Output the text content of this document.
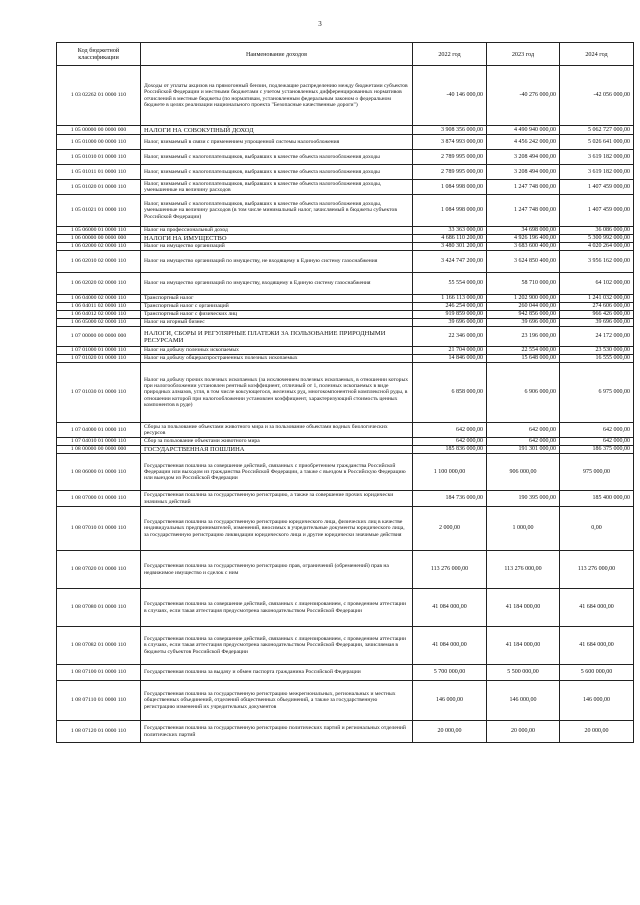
3
Код бюджетной классификации	Наименование доходов	2022 год	2023 год	2024 год
1 03 02262 01 0000 110	Доходы от уплаты акцизов на прямогонный бензин, подлежащие распределению между бюджетами субъектов Российской Федерации и местными бюджетами с учетом установленных дифференцированных нормативов отчислений в местные бюджеты (по нормативам, установленным федеральным законом о федеральном бюджете в целях реализации национального проекта "Безопасные качественные дороги")	-40 146 000,00	-40 276 000,00	-42 056 000,00
1 05 00000 00 0000 000	НАЛОГИ НА СОВОКУПНЫЙ ДОХОД	3 908 356 000,00	4 490 940 000,00	5 062 727 000,00
1 05 01000 00 0000 110	Налог, взимаемый в связи с применением упрощенной системы налогообложения	3 874 993 000,00	4 456 242 000,00	5 026 641 000,00
1 05 01010 01 0000 110	Налог, взимаемый с налогоплательщиков, выбравших в качестве объекта налогообложения доходы	2 789 995 000,00	3 208 494 000,00	3 619 182 000,00
1 05 01011 01 0000 110	Налог, взимаемый с налогоплательщиков, выбравших в качестве объекта налогообложения доходы	2 789 995 000,00	3 208 494 000,00	3 619 182 000,00
1 05 01020 01 0000 110	Налог, взимаемый с налогоплательщиков, выбравших в качестве объекта налогообложения доходы, уменьшенные на величину расходов	1 084 998 000,00	1 247 748 000,00	1 407 459 000,00
1 05 01021 01 0000 110	Налог, взимаемый с налогоплательщиков, выбравших в качестве объекта налогообложения доходы, уменьшенные на величину расходов (в том числе минимальный налог, зачисляемый в бюджеты субъектов Российской Федерации)	1 084 998 000,00	1 247 748 000,00	1 407 459 000,00
1 05 06000 01 0000 110	Налог на профессиональный доход	33 363 000,00	34 698 000,00	36 086 000,00
1 06 00000 00 0000 000	НАЛОГИ НА ИМУЩЕСТВО	4 686 110 200,00	4 926 196 400,00	5 300 992 000,00
1 06 02000 02 0000 110	Налог на имущество организаций	3 480 301 200,00	3 683 600 400,00	4 020 264 000,00
1 06 02010 02 0000 110	Налог на имущество организаций по имуществу, не входящему в Единую систему газоснабжения	3 424 747 200,00	3 624 850 400,00	3 956 162 000,00
1 06 02020 02 0000 110	Налог на имущество организаций по имуществу, входящему в Единую систему газоснабжения	55 554 000,00	58 710 000,00	64 102 000,00
1 06 04000 02 0000 110	Транспортный налог	1 166 113 000,00	1 202 900 000,00	1 241 032 000,00
1 06 04011 02 0000 110	Транспортный налог с организаций	246 254 000,00	260 044 000,00	274 606 000,00
1 06 04012 02 0000 110	Транспортный налог с физических лиц	919 859 000,00	942 856 000,00	966 426 000,00
1 06 05000 02 0000 110	Налог на игорный бизнес	39 696 000,00	39 696 000,00	39 696 000,00
1 07 00000 00 0000 000	НАЛОГИ, СБОРЫ И РЕГУЛЯРНЫЕ ПЛАТЕЖИ ЗА ПОЛЬЗОВАНИЕ ПРИРОДНЫМИ РЕСУРСАМИ	22 346 000,00	23 196 000,00	24 172 000,00
1 07 01000 01 0000 110	Налог на добычу полезных ископаемых	21 704 000,00	22 554 000,00	23 530 000,00
1 07 01020 01 0000 110	Налог на добычу общераспространенных полезных ископаемых	14 846 000,00	15 648 000,00	16 555 000,00
1 07 01030 01 0000 110	Налог на добычу прочих полезных ископаемых (за исключением полезных ископаемых, в отношении которых при налогообложении установлен рентный коэффициент, отличный от 1, полезных ископаемых в виде природных алмазов, угля, в том числе коксующегося, железных руд, многокомпонентной комплексной руды, в отношении которой при налогообложении установлен коэффициент, характеризующий стоимость ценных компонентов в руде)	6 858 000,00	6 906 000,00	6 975 000,00
1 07 04000 01 0000 110	Сборы за пользование объектами животного мира и за пользование объектами водных биологических ресурсов	642 000,00	642 000,00	642 000,00
1 07 04010 01 0000 110	Сбор за пользование объектами животного мира	642 000,00	642 000,00	642 000,00
1 08 00000 00 0000 000	ГОСУДАРСТВЕННАЯ ПОШЛИНА	185 836 000,00	191 301 000,00	186 375 000,00
1 08 06000 01 0000 110	Государственная пошлина за совершение действий, связанных с приобретением гражданства Российской Федерации или выходом из гражданства Российской Федерации, а также с въездом в Российскую Федерацию или выездом из Российской Федерации	1 100 000,00	906 000,00	975 000,00
1 08 07000 01 0000 110	Государственная пошлина за государственную регистрацию, а также за совершение прочих юридически значимых действий	184 736 000,00	190 395 000,00	185 400 000,00
1 08 07010 01 0000 110	Государственная пошлина за государственную регистрацию юридического лица, физических лиц в качестве индивидуальных предпринимателей, изменений, вносимых в учредительные документы юридического лица, за государственную регистрацию ликвидации юридического лица и другие юридически значимые действия	2 000,00	1 000,00	0,00
1 08 07020 01 0000 110	Государственная пошлина за государственную регистрацию прав, ограничений (обременений) прав на недвижимое имущество и сделок с ним	113 276 000,00	113 276 000,00	113 276 000,00
1 08 07080 01 0000 110	Государственная пошлина за совершение действий, связанных с лицензированием, с проведением аттестации в случаях, если такая аттестация предусмотрена законодательством Российской Федерации	41 084 000,00	41 184 000,00	41 684 000,00
1 08 07082 01 0000 110	Государственная пошлина за совершение действий, связанных с лицензированием, с проведением аттестации в случаях, если такая аттестация предусмотрена законодательством Российской Федерации, зачисляемая в бюджеты субъектов Российской Федерации	41 084 000,00	41 184 000,00	41 684 000,00
1 08 07100 01 0000 110	Государственная пошлина за выдачу и обмен паспорта гражданина Российской Федерации	5 700 000,00	5 500 000,00	5 600 000,00
1 08 07110 01 0000 110	Государственная пошлина за государственную регистрацию межрегиональных, региональных и местных общественных объединений, отделений общественных объединений, а также за государственную регистрацию изменений их учредительных документов	146 000,00	146 000,00	146 000,00
1 08 07120 01 0000 110	Государственная пошлина за государственную регистрацию политических партий и региональных отделений политических партий	20 000,00	20 000,00	20 000,00
